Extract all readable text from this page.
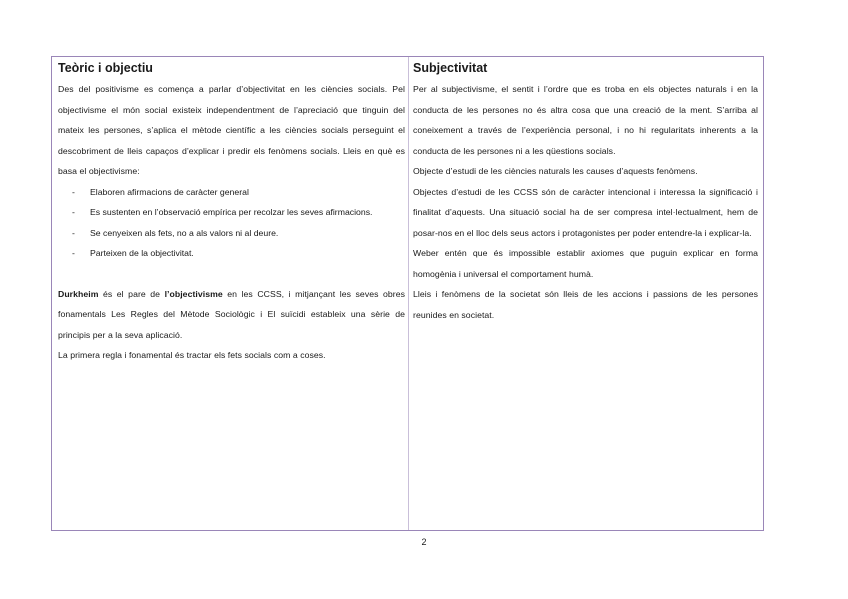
Teòric i objectiu

Des del positivisme es comença a parlar d’objectivitat en les ciències socials. Pel objectivisme el món social existeix independentment de l’apreciació que tinguin del mateix les persones, s’aplica el mètode científic a les ciències socials perseguint el descobriment de lleis capaços d’explicar i predir els fenòmens socials. Lleis en què es basa el objectivisme:

- Elaboren afirmacions de caràcter general
- Es sustenten en l’observació empírica per recolzar les seves afirmacions.
- Se cenyeixen als fets, no a als valors ni al deure.
- Parteixen de la objectivitat.

Durkheim és el pare de l’objectivisme en les CCSS, i mitjançant les seves obres fonamentals Les Regles del Mètode Sociològic i El suïcidi estableix una sèrie de principis per a la seva aplicació.

La primera regla i fonamental és tractar els fets socials com a coses.

Subjectivitat

Per al subjectivisme, el sentit i l’ordre que es troba en els objectes naturals i en la conducta de les persones no és altra cosa que una creació de la ment. S’arriba al coneixement a través de l’experiència personal, i no hi regularitats inherents a la conducta de les persones ni a les qüestions socials.

Objecte d’estudi de les ciències naturals les causes d’aquests fenòmens.

Objectes d’estudi de les CCSS són de caràcter intencional i interessa la significació i finalitat d’aquests. Una situació social ha de ser compresa intel·lectualment, hem de posar-nos en el lloc dels seus actors i protagonistes per poder entendre-la i explicar-la.

Weber entén que és impossible establir axiomes que puguin explicar en forma homogènia i universal el comportament humà.

Lleis i fenòmens de la societat són lleis de les accions i passions de les persones reunides en societat.

2
